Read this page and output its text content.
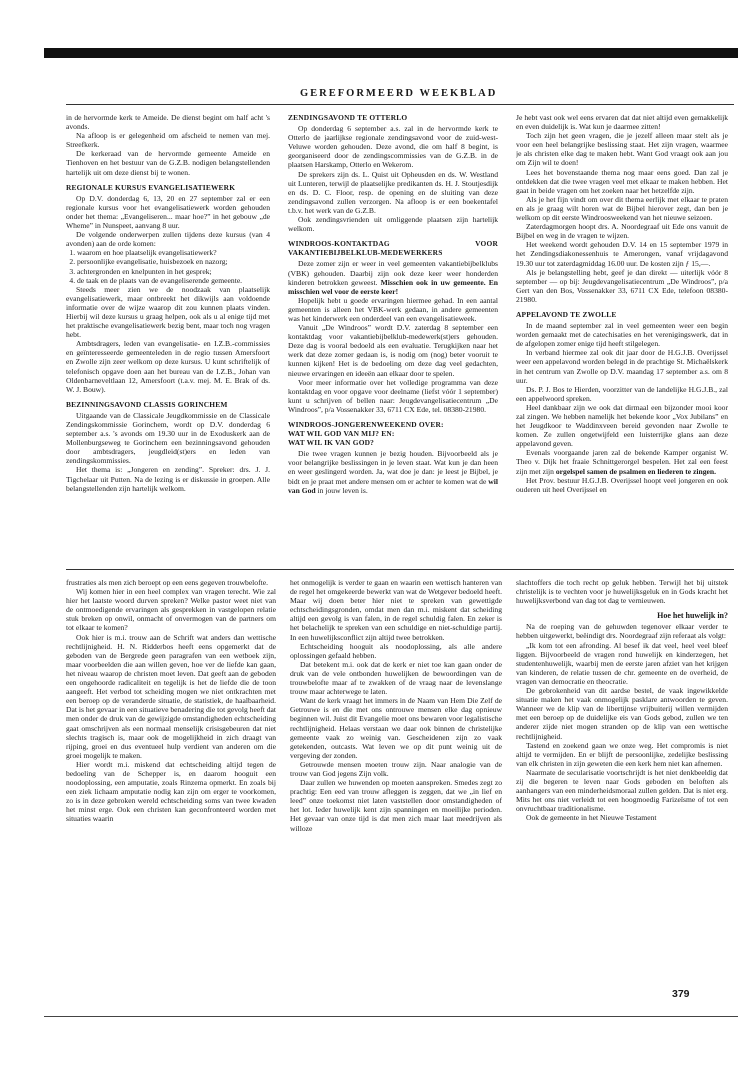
GEREFORMEERD WEEKBLAD

in de hervormde kerk te Ameide. De dienst begint om half acht 's avonds.

Na afloop is er gelegenheid om afscheid te nemen van mej. Streefkerk.

De kerkeraad van de hervormde gemeente Ameide en Tienhoven en het bestuur van de G.Z.B. nodigen belangstellenden hartelijk uit om deze dienst bij te wonen.

REGIONALE KURSUS EVANGELISATIEWERK

Op D.V. donderdag 6, 13, 20 en 27 september zal er een regionale kursus voor het evangelisatiewerk worden gehouden onder het thema: „Evangeliseren... maar hoe?” in het gebouw „de Wheme” in Nunspeet, aanvang 8 uur.

De volgende onderwerpen zullen tijdens deze kursus (van 4 avonden) aan de orde komen:

1. waarom en hoe plaatselijk evangelisatiewerk?
2. persoonlijke evangelisatie, huisbezoek en nazorg;
3. achtergronden en knelpunten in het gesprek;
4. de taak en de plaats van de evangeliserende gemeente.

Steeds meer zien we de noodzaak van plaatselijk evangelisatiewerk, maar ontbreekt het dikwijls aan voldoende informatie over de wijze waarop dit zou kunnen plaats vinden. Hierbij wil deze kursus u graag helpen, ook als u al enige tijd met het praktische evangelisatiewerk bezig bent, maar toch nog vragen hebt.

Ambtsdragers, leden van evangelisatie- en I.Z.B.-commissies en geïnteresseerde gemeenteleden in de regio tussen Amersfoort en Zwolle zijn zeer welkom op deze kursus. U kunt schriftelijk of telefonisch opgave doen aan het bureau van de I.Z.B., Johan van Oldenbarneveltlaan 12, Amersfoort (t.a.v. mej. M. E. Brak of ds. W. J. Bouw).

BEZINNINGSAVOND CLASSIS GORINCHEM

Uitgaande van de Classicale Jeugdkommissie en de Classicale Zendingskommissie Gorinchem, wordt op D.V. donderdag 6 september a.s. 's avonds om 19.30 uur in de Exoduskerk aan de Mollenburgseweg te Gorinchem een bezinningsavond gehouden door ambtsdragers, jeugdleid(st)ers en leden van zendingskommissies.

Het thema is: „Jongeren en zending”. Spreker: drs. J. J. Tigchelaar uit Putten. Na de lezing is er diskussie in groepen. Alle belangstellenden zijn hartelijk welkom.

ZENDINGSAVOND TE OTTERLO

Op donderdag 6 september a.s. zal in de hervormde kerk te Otterlo de jaarlijkse regionale zendingsavond voor de zuid-west-Veluwe worden gehouden. Deze avond, die om half 8 begint, is georganiseerd door de zendingscommissies van de G.Z.B. in de plaatsen Harskamp, Otterlo en Wekerom.

De sprekers zijn ds. L. Quist uit Opheusden en ds. W. Westland uit Lunteren, terwijl de plaatselijke predikanten ds. H. J. Stoutjesdijk en ds. D. C. Floor, resp. de opening en de sluiting van deze zendingsavond zullen verzorgen. Na afloop is er een boekentafel t.b.v. het werk van de G.Z.B.

Ook zendingsvrienden uit omliggende plaatsen zijn hartelijk welkom.

WINDROOS-KONTAKTDAG VOOR VAKANTIEBIJBELKLUB-MEDEWERKERS

Deze zomer zijn er weer in veel gemeenten vakantiebijbelklubs (VBK) gehouden. Daarbij zijn ook deze keer weer honderden kinderen betrokken geweest. Misschien ook in uw gemeente. En misschien wel voor de eerste keer!

Hopelijk hebt u goede ervaringen hiermee gehad. In een aantal gemeenten is alleen het VBK-werk gedaan, in andere gemeenten was het kinderwerk een onderdeel van een evangelisatieweek.

Vanuit „De Windroos” wordt D.V. zaterdag 8 september een kontaktdag voor vakantiebijbelklub-medewerk(st)ers gehouden. Deze dag is vooral bedoeld als een evaluatie. Terugkijken naar het werk dat deze zomer gedaan is, is nodig om (nog) beter vooruit te kunnen kijken! Het is de bedoeling om deze dag veel gedachten, nieuwe ervaringen en ideeën aan elkaar door te spelen.

Voor meer informatie over het volledige programma van deze kontaktdag en voor opgave voor deelname (liefst vóór 1 september) kunt u schrijven of bellen naar: Jeugdevangelisatiecentrum „De Windroos”, p/a Vossenakker 33, 6711 CX Ede, tel. 08380-21980.

WINDROOS-JONGERENWEEKEND OVER:
WAT WIL GOD VAN MIJ? EN:
WAT WIL IK VAN GOD?

Die twee vragen kunnen je bezig houden. Bijvoorbeeld als je voor belangrijke beslissingen in je leven staat. Wat kun je dan heen en weer geslingerd worden. Ja, wat doe je dan: je leest je Bijbel, je bidt en je praat met andere mensen om er achter te komen wat de wil van God in jouw leven is.

Je hebt vast ook wel eens ervaren dat dat niet altijd even gemakkelijk en even duidelijk is. Wat kun je daarmee zitten!

Toch zijn het geen vragen, die je jezelf alleen maar stelt als je voor een heel belangrijke beslissing staat. Het zijn vragen, waarmee je als christen elke dag te maken hebt. Want God vraagt ook aan jou om Zijn wil te doen!

Lees het bovenstaande thema nog maar eens goed. Dan zal je ontdekken dat die twee vragen veel met elkaar te maken hebben. Het gaat in beide vragen om het zoeken naar het hetzelfde zijn.

Als je het fijn vindt om over dit thema eerlijk met elkaar te praten en als je graag wilt horen wat de Bijbel hierover zegt, dan ben je welkom op dit eerste Windroosweekend van het nieuwe seizoen.

Zaterdagmorgen hoopt drs. A. Noordegraaf uit Ede ons vanuit de Bijbel en weg in de vragen te wijzen.

Het weekend wordt gehouden D.V. 14 en 15 september 1979 in het Zendingsdiakonessenhuis te Amerongen, vanaf vrijdagavond 19.30 uur tot zaterdagmiddag 16.00 uur. De kosten zijn ƒ 15,—.

Als je belangstelling hebt, geef je dan direkt — uiterlijk vóór 8 september — op bij: Jeugdevangelisatiecentrum „De Windroos”, p/a Gert van den Bos, Vossenakker 33, 6711 CX Ede, telefoon 08380-21980.

APPELAVOND TE ZWOLLE

In de maand september zal in veel gemeenten weer een begin worden gemaakt met de catechisaties en het verenigingswerk, dat in de afgelopen zomer enige tijd heeft stilgelegen.

In verband hiermee zal ook dit jaar door de H.G.J.B. Overijssel weer een appelavond worden belegd in de prachtige St. Michaëlskerk in het centrum van Zwolle op D.V. maandag 17 september a.s. om 8 uur.

Ds. P. J. Bos te Hierden, voorzitter van de landelijke H.G.J.B., zal een appelwoord spreken.

Heel dankbaar zijn we ook dat dirmaal een bijzonder mooi koor zal zingen. We hebben namelijk het bekende koor „Vox Jubilans” en het Jeugdkoor te Waddinxveen bereid gevonden naar Zwolle te komen. Ze zullen ongetwijfeld een luisterrijke glans aan deze appelavond geven.

Evenals voorgaande jaren zal de bekende Kamper organist W. Theo v. Dijk het fraaie Schnittgerorgel bespelen. Het zal een feest zijn met zijn orgelspel samen de psalmen en liederen te zingen.

Het Prov. bestuur H.G.J.B. Overijssel hoopt veel jongeren en ook ouderen uit heel Overijssel en

frustraties als men zich beroept op een eens gegeven trouwbelofte.

Wij komen hier in een heel complex van vragen terecht. Wie zal hier het laatste woord durven spreken? Welke pastor weet niet van de ontmoedigende ervaringen als gesprekken in vastgelopen relatie stuk breken op onwil, onmacht of onvermogen van de partners om tot elkaar te komen?

Ook hier is m.i. trouw aan de Schrift wat anders dan wettische rechtlijnigheid. H. N. Ridderbos heeft eens opgemerkt dat de geboden van de Bergrede geen paragrafen van een wetboek zijn, maar voorbeelden die aan willen geven, hoe ver de liefde kan gaan, het niveau waarop de christen moet leven. Dat geeft aan de geboden een ongehoorde radicaliteit en tegelijk is het de liefde die de toon aangeeft. Het verbod tot scheiding mogen we niet ontkrachten met een beroep op de veranderde situatie, de statistiek, de haalbaarheid. Dat is het gevaar in een situatieve benadering die tot gevolg heeft dat men onder de druk van de gewijzigde omstandigheden echtscheiding gaat omschrijven als een normaal menselijk crisisgebeuren dat niet slechts tragisch is, maar ook de mogelijkheid in zich draagt van rijping, groei en dus eventueel hulp verdient van anderen om die groei mogelijk te maken.

Hier wordt m.i. miskend dat echtscheiding altijd tegen de bedoeling van de Schepper is, en daarom hooguit een noodoplossing, een amputatie, zoals Rinzema opmerkt. En zoals bij een ziek lichaam amputatie nodig kan zijn om erger te voorkomen, zo is in deze gebroken wereld echtscheiding soms van twee kwaden het minst erge. Ook een christen kan geconfronteerd worden met situaties waarin

het onmogelijk is verder te gaan en waarin een wettisch hanteren van de regel het omgekeerde bewerkt van wat de Wetgever bedoeld heeft. Maar wij doen beter hier niet te spreken van gewettigde echtscheidingsgronden, omdat men dan m.i. miskent dat scheiding altijd een gevolg is van falen, in de regel schuldig falen. En zeker is het belachelijk te spreken van een schuldige en niet-schuldige partij. In een huwelijksconflict zijn altijd twee betrokken.

Echtscheiding hooguit als noodoplossing, als alle andere oplossingen gefaald hebben.

Dat betekent m.i. ook dat de kerk er niet toe kan gaan onder de druk van de vele ontbonden huwelijken de bewoordingen van de trouwbelofte maar af te zwakken of de vraag naar de levenslange trouw maar achterwege te laten.

Want de kerk vraagt het immers in de Naam van Hem Die Zelf de Getrouwe is en die met ons ontrouwe mensen elke dag opnieuw beginnen wil. Juist dit Evangelie moet ons bewaren voor legalistische rechtlijnigheid. Helaas verstaan we daar ook binnen de christelijke gemeente vaak zo weinig van. Gescheidenen zijn zo vaak getekenden, outcasts. Wat leven we op dit punt weinig uit de vergeving der zonden.

Getrouwde mensen moeten trouw zijn. Naar analogie van de trouw van God jegens Zijn volk.

Daar zullen we huwenden op moeten aanspreken. Smedes zegt zo prachtig: Een eed van trouw afleggen is zeggen, dat we „in lief en leed” onze toekomst niet laten vaststellen door omstandigheden of het lot. Ieder huwelijk kent zijn spanningen en moeilijke perioden. Het gevaar van onze tijd is dat men zich maar laat meedrijven als willoze

slachtoffers die toch recht op geluk hebben. Terwijl het bij uitstek christelijk is te vechten voor je huwelijksgeluk en in Gods kracht het huwelijksverbond van dag tot dag te vernieuwen.

Hoe het huwelijk in?

Na de roeping van de gehuwden tegenover elkaar verder te hebben uitgewerkt, beëindigt drs. Noordegraaf zijn referaat als volgt:

„Ik kom tot een afronding. Al besef ik dat veel, heel veel bleef liggen. Bijvoorbeeld de vragen rond huwelijk en kinderzegen, het studentenhuwelijk, waarbij men de eerste jaren afziet van het krijgen van kinderen, de relatie tussen de chr. gemeente en de overheid, de vragen van democratie en theocratie.

De gebrokenheid van dit aardse bestel, de vaak ingewikkelde situatie maken het vaak onmogelijk pasklare antwoorden te geven. Wanneer we de klip van de libertijnse vrijbuiterij willen vermijden met een beroep op de duidelijke eis van Gods gebod, zullen we ten anderer zijde niet mogen stranden op de klip van een wettische rechtlijnigheid.

Tastend en zoekend gaan we onze weg. Het compromis is niet altijd te vermijden. En er blijft de persoonlijke, zedelijke beslissing van elk christen in zijn geweten die een kerk hem niet kan afnemen.

Naarmate de secularisatie voortschrijdt is het niet denkbeeldig dat zij die begeren te leven naar Gods geboden en beloften als aanhangers van een minderheidsmoraal zullen gelden. Dat is niet erg. Mits het ons niet verleidt tot een hoogmoedig Farizeïsme of tot een onvruchtbaar traditionalisme.

Ook de gemeente in het Nieuwe Testament

379
